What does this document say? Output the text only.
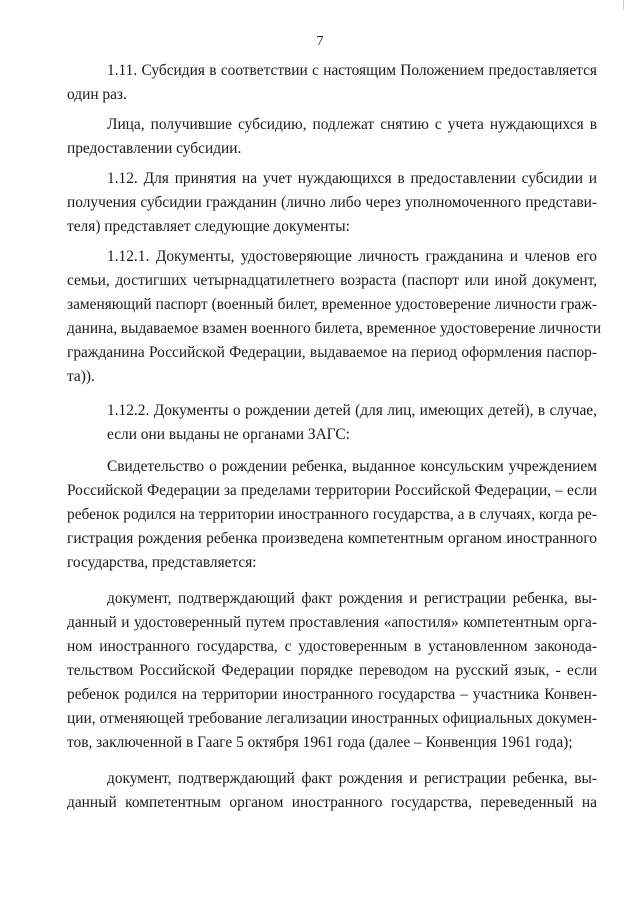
7
1.11. Субсидия в соответствии с настоящим Положением предоставляется
один раз.
Лица, получившие субсидию, подлежат снятию с учета нуждающихся в
предоставлении субсидии.
1.12. Для принятия на учет нуждающихся в предоставлении субсидии и
получения субсидии гражданин (лично либо через уполномоченного представи-
теля) представляет следующие документы:
1.12.1. Документы, удостоверяющие личность гражданина и членов его
семьи, достигших четырнадцатилетнего возраста (паспорт или иной документ,
заменяющий паспорт (военный билет, временное удостоверение личности граж-
данина, выдаваемое взамен военного билета, временное удостоверение личности
гражданина Российской Федерации, выдаваемое на период оформления паспор-
та)).
1.12.2. Документы о рождении детей (для лиц, имеющих детей), в случае,
если они выданы не органами ЗАГС:
Свидетельство о рождении ребенка, выданное консульским учреждением
Российской Федерации за пределами территории Российской Федерации, – если
ребенок родился на территории иностранного государства, а в случаях, когда ре-
гистрация рождения ребенка произведена компетентным органом иностранного
государства, представляется:
документ, подтверждающий факт рождения и регистрации ребенка, вы-
данный и удостоверенный путем проставления «апостиля» компетентным орга-
ном иностранного государства, с удостоверенным в установленном законода-
тельством Российской Федерации порядке переводом на русский язык, - если
ребенок родился на территории иностранного государства – участника Конвен-
ции, отменяющей требование легализации иностранных официальных докумен-
тов, заключенной в Гааге 5 октября 1961 года (далее – Конвенция 1961 года);
документ, подтверждающий факт рождения и регистрации ребенка, вы-
данный компетентным органом иностранного государства, переведенный на
